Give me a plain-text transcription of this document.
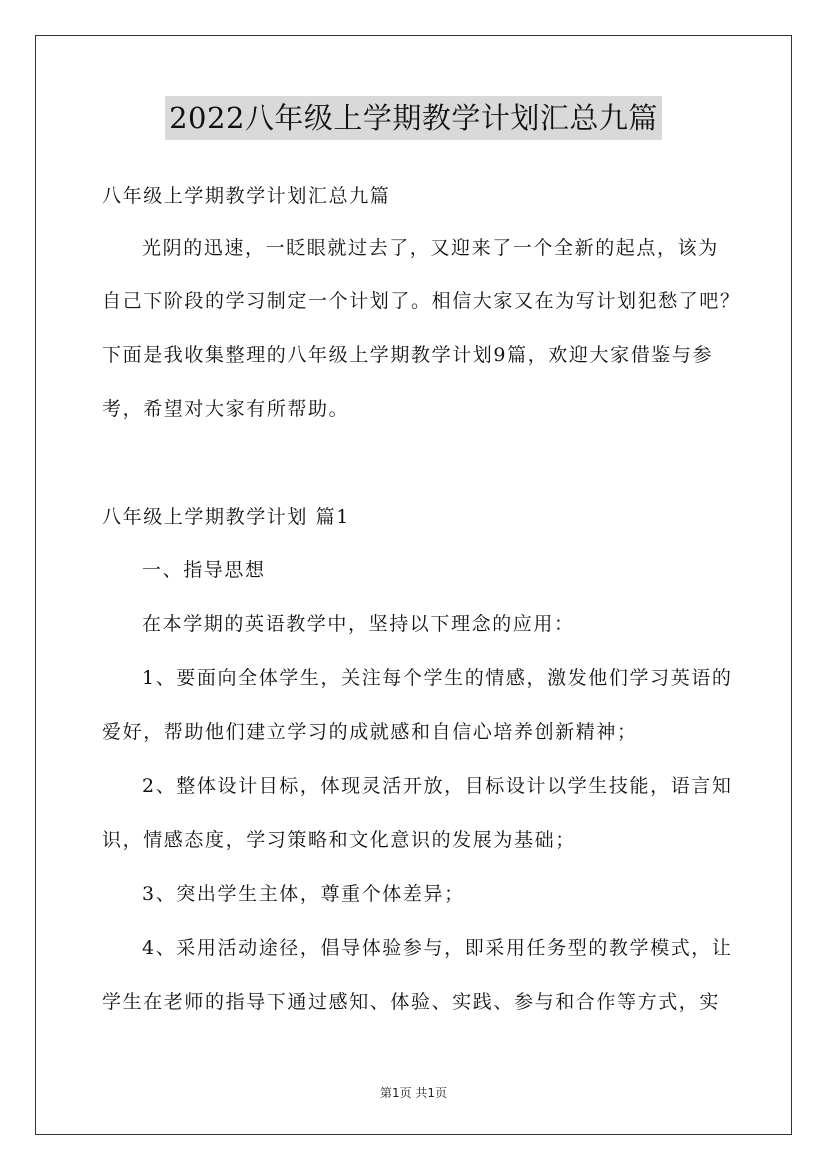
2022八年级上学期教学计划汇总九篇
八年级上学期教学计划汇总九篇
光阴的迅速，一眨眼就过去了，又迎来了一个全新的起点，该为
自己下阶段的学习制定一个计划了。相信大家又在为写计划犯愁了吧？
下面是我收集整理的八年级上学期教学计划9篇，欢迎大家借鉴与参
考，希望对大家有所帮助。
八年级上学期教学计划 篇1
一、指导思想
在本学期的英语教学中，坚持以下理念的应用：
1、要面向全体学生，关注每个学生的情感，激发他们学习英语的
爱好，帮助他们建立学习的成就感和自信心培养创新精神；
2、整体设计目标，体现灵活开放，目标设计以学生技能，语言知
识，情感态度，学习策略和文化意识的发展为基础；
3、突出学生主体，尊重个体差异；
4、采用活动途径，倡导体验参与，即采用任务型的教学模式，让
学生在老师的指导下通过感知、体验、实践、参与和合作等方式，实
第1页 共1页
